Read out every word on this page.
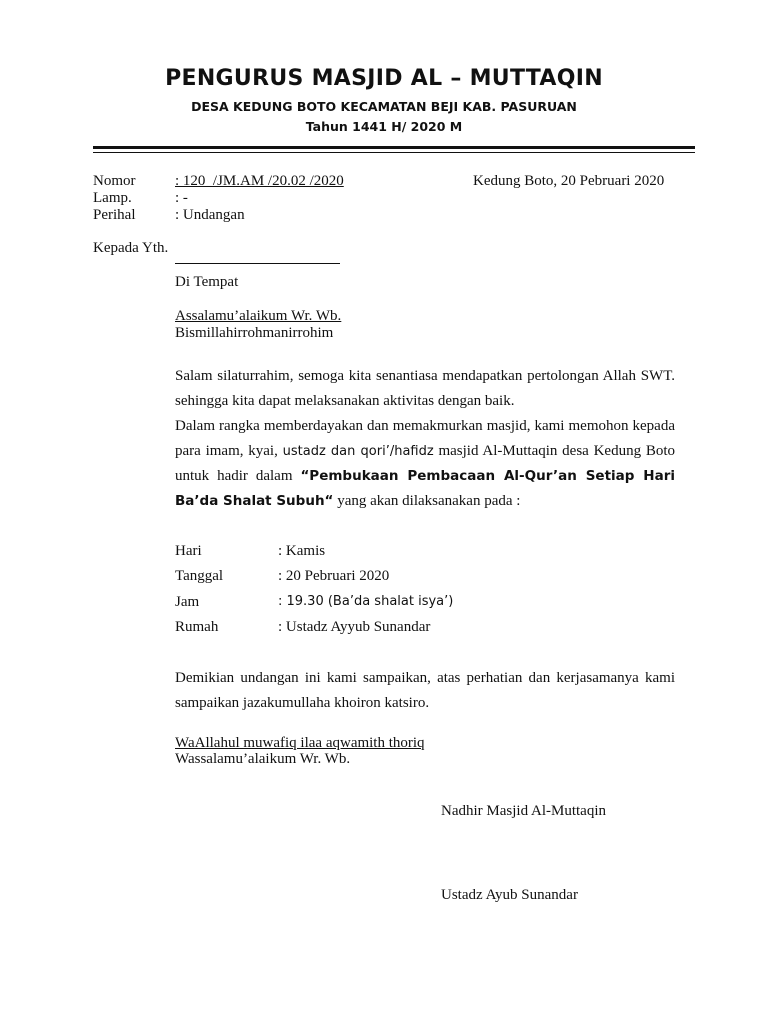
PENGURUS MASJID AL – MUTTAQIN
DESA KEDUNG BOTO KECAMATAN BEJI KAB. PASURUAN
Tahun 1441 H/ 2020 M
Nomor	: 120  /JM.AM /20.02 /2020	Kedung Boto, 20 Pebruari 2020
Lamp.	: -
Perihal	: Undangan
Kepada Yth.
Di Tempat
Assalamu’alaikum Wr. Wb.
Bismillahirrohmanirrohim
Salam silaturrahim, semoga kita senantiasa mendapatkan pertolongan Allah SWT. sehingga kita dapat melaksanakan aktivitas dengan baik.
Dalam rangka memberdayakan dan memakmurkan masjid, kami memohon kepada para imam, kyai, ustadz dan qori’/hafidz masjid Al-Muttaqin desa Kedung Boto untuk hadir dalam “Pembukaan Pembacaan Al-Qur’an Setiap Hari Ba’da Shalat Subuh“ yang akan dilaksanakan pada :
Hari	: Kamis
Tanggal	: 20 Pebruari 2020
Jam	: 19.30 (Ba’da shalat isya’)
Rumah	: Ustadz Ayyub Sunandar
Demikian undangan ini kami sampaikan, atas perhatian dan kerjasamanya kami sampaikan jazakumullaha khoiron katsiro.
WaAllahul muwafiq ilaa aqwamith thoriq
Wassalamu’alaikum Wr. Wb.
Nadhir Masjid Al-Muttaqin
Ustadz Ayub Sunandar
